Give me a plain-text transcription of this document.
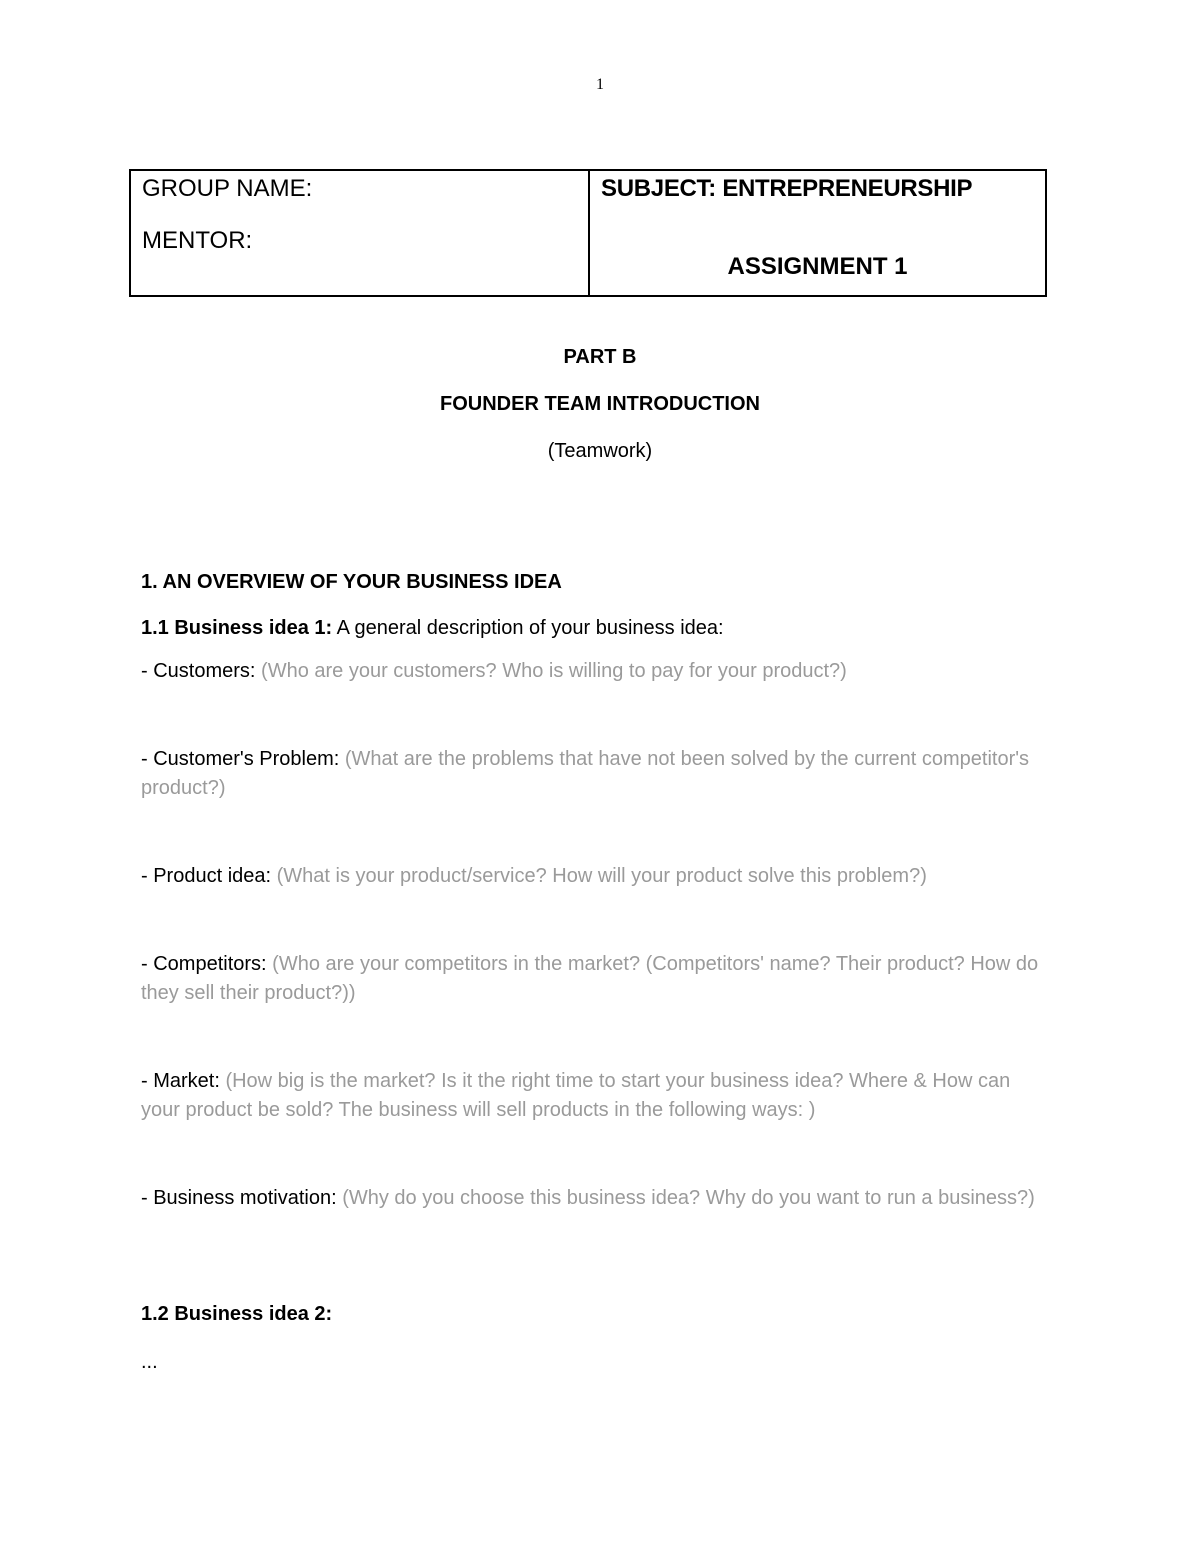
1
GROUP NAME:
MENTOR:
SUBJECT: ENTREPRENEURSHIP
ASSIGNMENT 1
PART B
FOUNDER TEAM INTRODUCTION
(Teamwork)
1. AN OVERVIEW OF YOUR BUSINESS IDEA
1.1 Business idea 1: A general description of your business idea:
- Customers: (Who are your customers? Who is willing to pay for your product?)
- Customer's Problem: (What are the problems that have not been solved by the current competitor's product?)
- Product idea: (What is your product/service? How will your product solve this problem?)
- Competitors: (Who are your competitors in the market? (Competitors' name? Their product? How do they sell their product?))
- Market: (How big is the market? Is it the right time to start your business idea? Where & How can your product be sold? The business will sell products in the following ways: )
- Business motivation: (Why do you choose this business idea? Why do you want to run a business?)
1.2 Business idea 2:
...
